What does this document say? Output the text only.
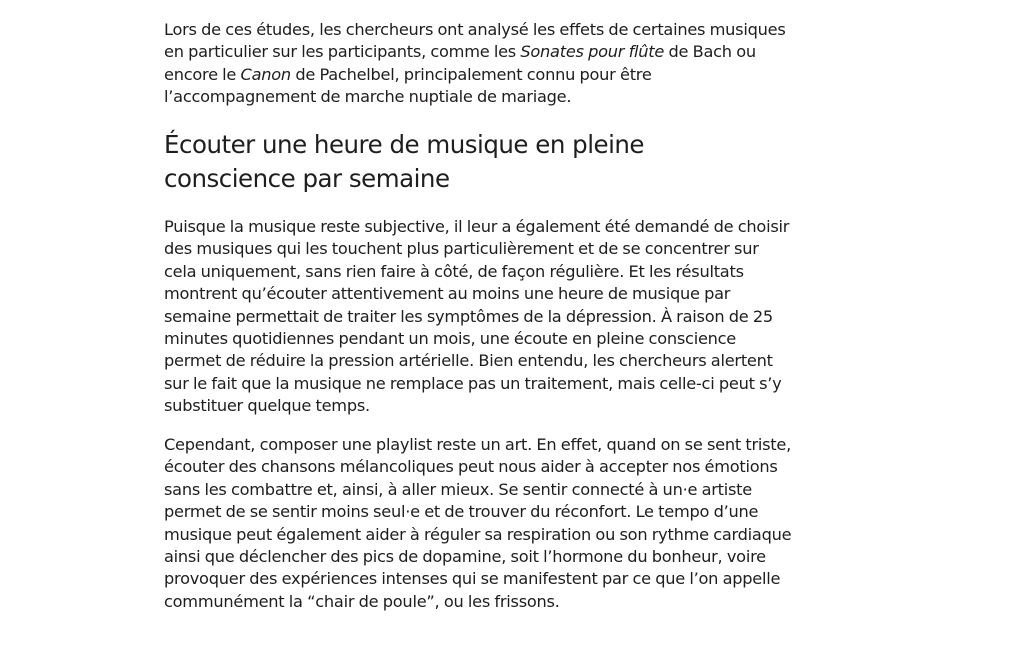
Lors de ces études, les chercheurs ont analysé les effets de certaines musiques en particulier sur les participants, comme les Sonates pour flûte de Bach ou encore le Canon de Pachelbel, principalement connu pour être l’accompagnement de marche nuptiale de mariage.

Écouter une heure de musique en pleine conscience par semaine

Puisque la musique reste subjective, il leur a également été demandé de choisir des musiques qui les touchent plus particulièrement et de se concentrer sur cela uniquement, sans rien faire à côté, de façon régulière. Et les résultats montrent qu’écouter attentivement au moins une heure de musique par semaine permettait de traiter les symptômes de la dépression. À raison de 25 minutes quotidiennes pendant un mois, une écoute en pleine conscience permet de réduire la pression artérielle. Bien entendu, les chercheurs alertent sur le fait que la musique ne remplace pas un traitement, mais celle-ci peut s’y substituer quelque temps.

Cependant, composer une playlist reste un art. En effet, quand on se sent triste, écouter des chansons mélancoliques peut nous aider à accepter nos émotions sans les combattre et, ainsi, à aller mieux. Se sentir connecté à un·e artiste permet de se sentir moins seul·e et de trouver du réconfort. Le tempo d’une musique peut également aider à réguler sa respiration ou son rythme cardiaque ainsi que déclencher des pics de dopamine, soit l’hormone du bonheur, voire provoquer des expériences intenses qui se manifestent par ce que l’on appelle communément la “chair de poule”, ou les frissons.
